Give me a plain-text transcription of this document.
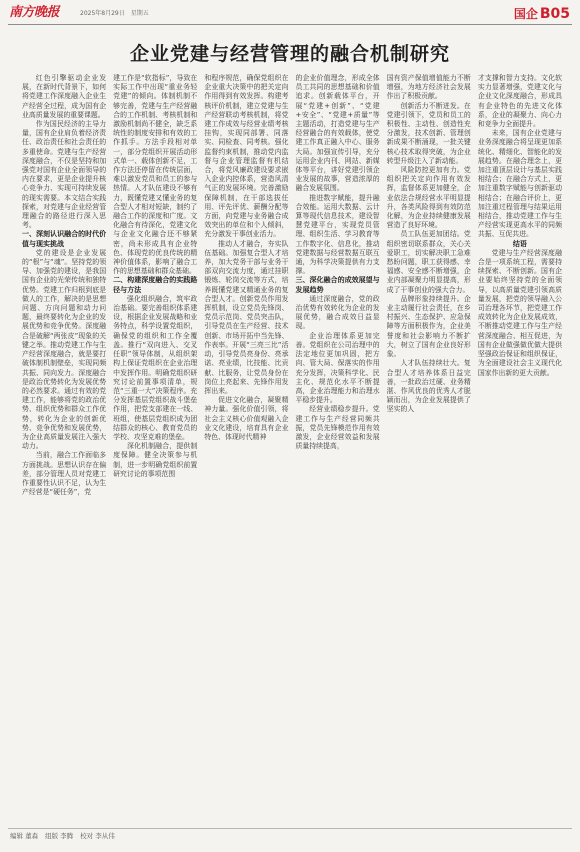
南方晚报	2025年8月29日 星期五	国企 B05
企业党建与经营管理的融合机制研究

红色引擎驱动企业发展，在新时代背景下，如何将党建工作深度融入企业生产经营全过程，成为国有企业高质量发展的重要课题。

作为国民经济的主导力量，国有企业肩负着经济责任、政治责任和社会责任的多重使命。党建与生产经营深度融合，不仅是坚持和加强党对国有企业全面领导的内在要求，更是企业提升核心竞争力、实现可持续发展的现实需要。本文结合实践探索，对党建与企业经营管理融合的路径进行深入思考。

一、深刻认识融合的时代价值与现实挑战

党的建设是企业发展的“根”与“魂”。坚持党的领导、加强党的建设，是我国国有企业的光荣传统和独特优势。党建工作归根到底是做人的工作，解决的是思想问题、方向问题和动力问题，最终要转化为企业的发展优势和竞争优势。深度融合是破解“两张皮”现象的关键之举。推动党建工作与生产经营深度融合，就是要打破体制机制壁垒，实现同频共振、同向发力。深度融合是政治优势转化为发展优势的必然要求。通过有效的党建工作，能够将党的政治优势、组织优势和群众工作优势，转化为企业的创新优势、竞争优势和发展优势，为企业高质量发展注入强大动力。

当前，融合工作面临多方面挑战。思想认识存在偏差，部分管理人员对党建工作重要性认识不足，认为生产经营是“硬任务”，党

建工作是“软指标”，导致在实际工作中出现“重业务轻党建”的倾向。体制机制不够完善，党建与生产经营融合的工作机制、考核机制和激励机制尚不健全，缺乏系统性的制度安排和有效的工作抓手。方法手段相对单一，部分党组织开展活动形式单一、载体创新不足，工作方法还停留在传统层面，难以激发党员和员工的参与热情。人才队伍建设不够有力，既懂党建又懂业务的复合型人才相对短缺，制约了融合工作的深度和广度。文化融合有待深化，党建文化与企业文化融合还不够紧密，尚未形成具有企业特色、体现党的优良传统的精神价值体系，影响了融合工作的思想基础和群众基础。

二、构建深度融合的实践路径与方法

强化组织融合，筑牢政治基础。要完善组织体系建设，根据企业发展战略和业务特点，科学设置党组织，确保党的组织和工作全覆盖。推行“双向进入、交叉任职”领导体制，从组织架构上保证党组织在企业治理中发挥作用。明确党组织研究讨论前置事项清单，规范“三重一大”决策程序。充分发挥基层党组织战斗堡垒作用，把党支部建在一线、班组，使基层党组织成为团结群众的核心、教育党员的学校、攻坚克难的堡垒。

深化机制融合，提供制度保障。健全决策参与机制，进一步明确党组织前置研究讨论的事项范围

和程序规范，确保党组织在企业重大决策中的把关定向作用得到有效发挥。构建考核评价机制，建立党建与生产经营联动考核机制，将党建工作成效与经营业绩考核挂钩，实现同部署、同落实、同检查、同考核。强化监督约束机制，推动党内监督与企业管理监督有机结合，将党风廉政建设要求嵌入企业内控体系，营造风清气正的发展环境。完善激励保障机制，在干部选拔任用、评先评优、薪酬分配等方面，向党建与业务融合成效突出的单位和个人倾斜，充分激发干事创业活力。

推动人才融合，夯实队伍基础。加强复合型人才培养，加大党务干部与业务干部双向交流力度，通过挂职锻炼、轮岗交流等方式，培养既懂党建又精通业务的复合型人才。创新党员作用发挥机制，设立党员先锋岗、党员示范岗、党员突击队，引导党员在生产经营、技术创新、市场开拓中当先锋、作表率。开展“三亮三比”活动，引导党员亮身份、亮承诺、亮业绩，比技能、比贡献、比服务，让党员身份在岗位上亮起来、先锋作用发挥出来。

促进文化融合，凝聚精神力量。强化价值引领，将社会主义核心价值观融入企业文化建设，培育具有企业特色、体现时代精神

的企业价值理念，形成全体员工共同的思想基础和价值追求。创新载体平台，开展“党建+创新”、“党建+安全”、“党建+质量”等主题活动，打造党建与生产经营融合的有效载体，使党建工作真正融入中心、服务大局。加强宣传引导，充分运用企业内刊、网站、新媒体等平台，讲好党建引领企业发展的故事，营造浓厚的融合发展氛围。

推进数字赋能，提升融合效能。运用大数据、云计算等现代信息技术，建设智慧党建平台，实现党员管理、组织生活、学习教育等工作数字化、信息化，推动党建数据与经营数据互联互通，为科学决策提供有力支撑。

三、深化融合的成效展望与发展趋势

通过深度融合，党的政治优势有效转化为企业的发展优势，融合成效日益显现。

企业治理体系更加完善。党组织在公司治理中的法定地位更加巩固，把方向、管大局、保落实的作用充分发挥，决策科学化、民主化、规范化水平不断提高，企业治理能力和治理水平稳步提升。

经营业绩稳步提升。党建工作与生产经营同频共振，党员先锋模范作用有效激发，企业经营效益和发展质量持续提高，

国有资产保值增值能力不断增强，为地方经济社会发展作出了积极贡献。

创新活力不断迸发。在党建引领下，党员和员工的积极性、主动性、创造性充分激发，技术创新、管理创新成果不断涌现，一批关键核心技术取得突破，为企业转型升级注入了新动能。

风险防控更加有力。党组织把关定向作用有效发挥，监督体系更加健全，企业依法合规经营水平明显提升，各类风险得到有效防范化解，为企业持续健康发展营造了良好环境。

员工队伍更加团结。党组织密切联系群众，关心关爱职工，切实解决职工急难愁盼问题，职工获得感、幸福感、安全感不断增强，企业内部凝聚力明显提高，形成了干事创业的强大合力。

品牌形象持续提升。企业主动履行社会责任，在乡村振兴、生态保护、应急保障等方面积极作为，企业美誉度和社会影响力不断扩大，树立了国有企业良好形象。

人才队伍持续壮大。复合型人才培养体系日益完善，一批政治过硬、业务精湛、作风优良的优秀人才脱颖而出，为企业发展提供了坚实的人

才支撑和智力支持。文化软实力显著增强，党建文化与企业文化深度融合，形成具有企业特色的先进文化体系，企业的凝聚力、向心力和竞争力全面提升。

未来，国有企业党建与业务深度融合将呈现更加系统化、精细化、智能化的发展趋势。在融合理念上，更加注重顶层设计与基层实践相结合；在融合方式上，更加注重数字赋能与创新驱动相结合；在融合评价上，更加注重过程管理与结果运用相结合，推动党建工作与生产经营实现更高水平的同频共振、互促共进。

结语

党建与生产经营深度融合是一项系统工程，需要持续探索、不断创新。国有企业要始终坚持党的全面领导，以高质量党建引领高质量发展，把党的领导融入公司治理各环节，把党建工作成效转化为企业发展成效，不断推动党建工作与生产经营深度融合、相互促进，为国有企业做强做优做大提供坚强政治保证和组织保证，为全面建设社会主义现代化国家作出新的更大贡献。

编辑 董森 组版 李腾 校对 李从伟
